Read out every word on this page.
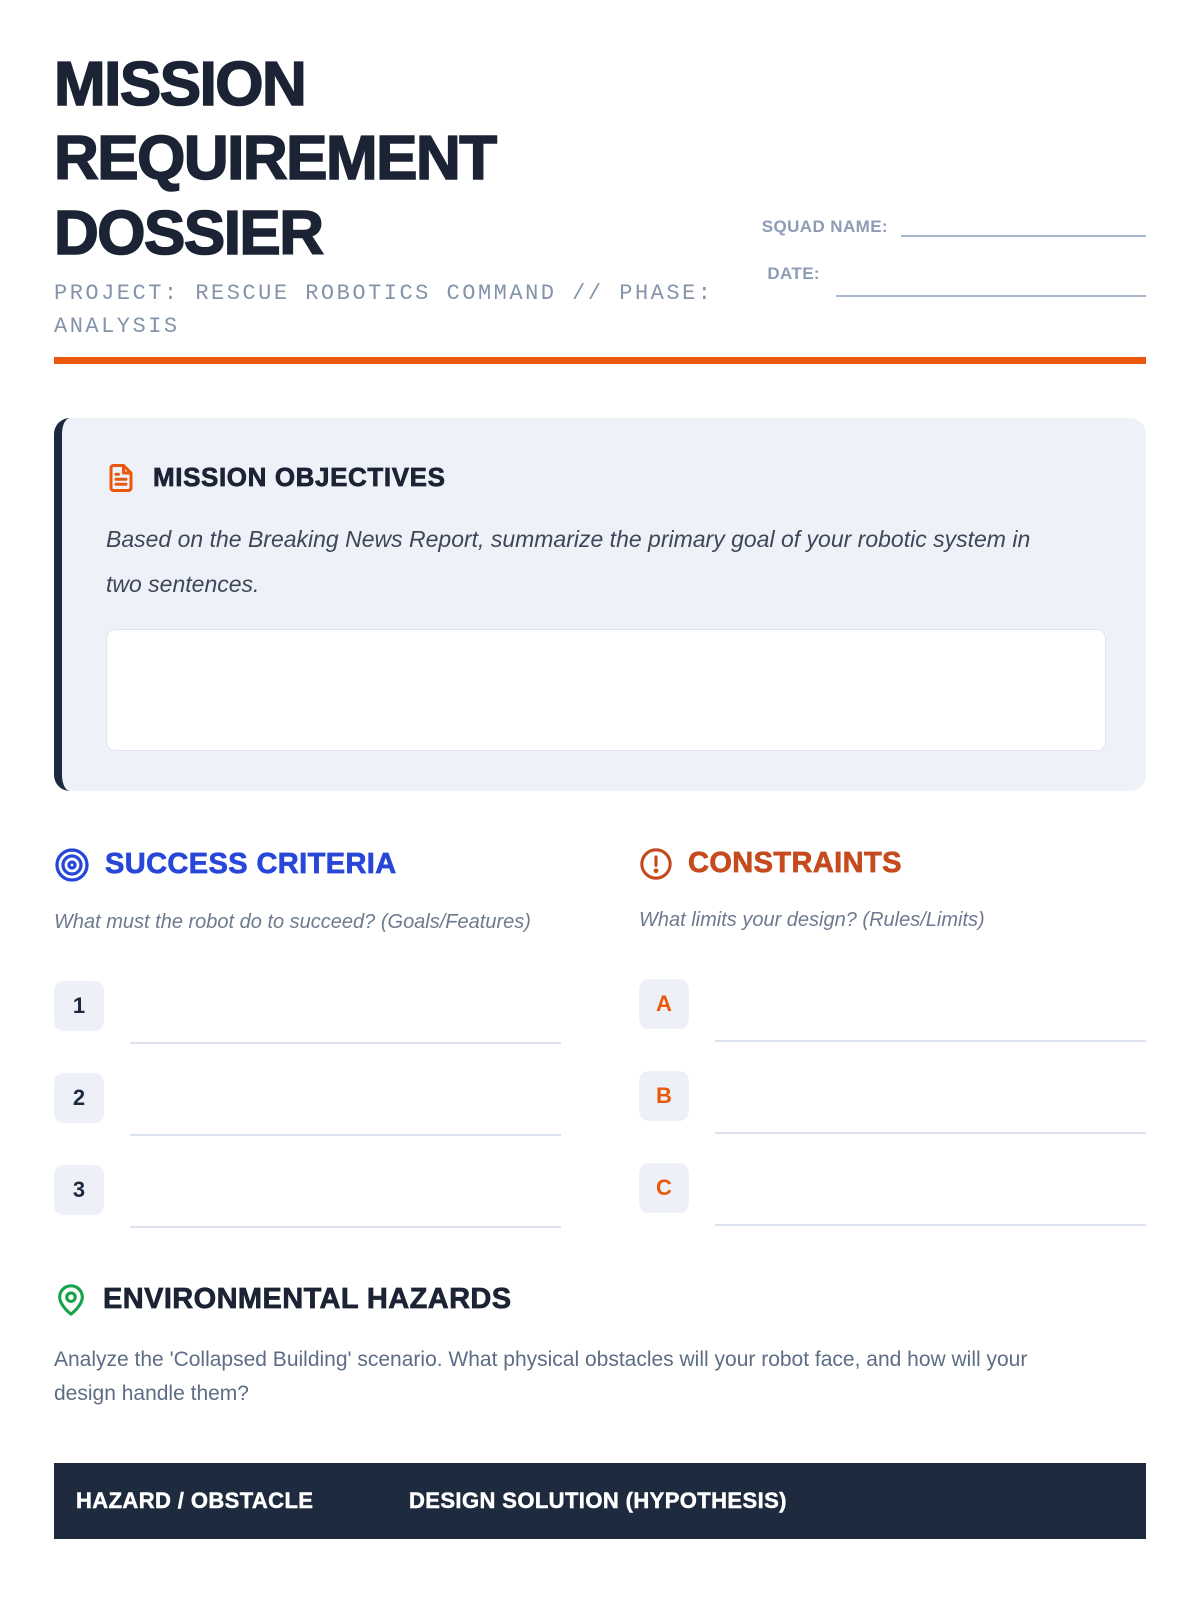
MISSION
REQUIREMENT
DOSSIER
PROJECT: RESCUE ROBOTICS COMMAND // PHASE: ANALYSIS
SQUAD NAME:
DATE:
MISSION OBJECTIVES
Based on the Breaking News Report, summarize the primary goal of your robotic system in two sentences.
SUCCESS CRITERIA
What must the robot do to succeed? (Goals/Features)
1
2
3
CONSTRAINTS
What limits your design? (Rules/Limits)
A
B
C
ENVIRONMENTAL HAZARDS
Analyze the 'Collapsed Building' scenario. What physical obstacles will your robot face, and how will your design handle them?
HAZARD / OBSTACLE	DESIGN SOLUTION (HYPOTHESIS)
